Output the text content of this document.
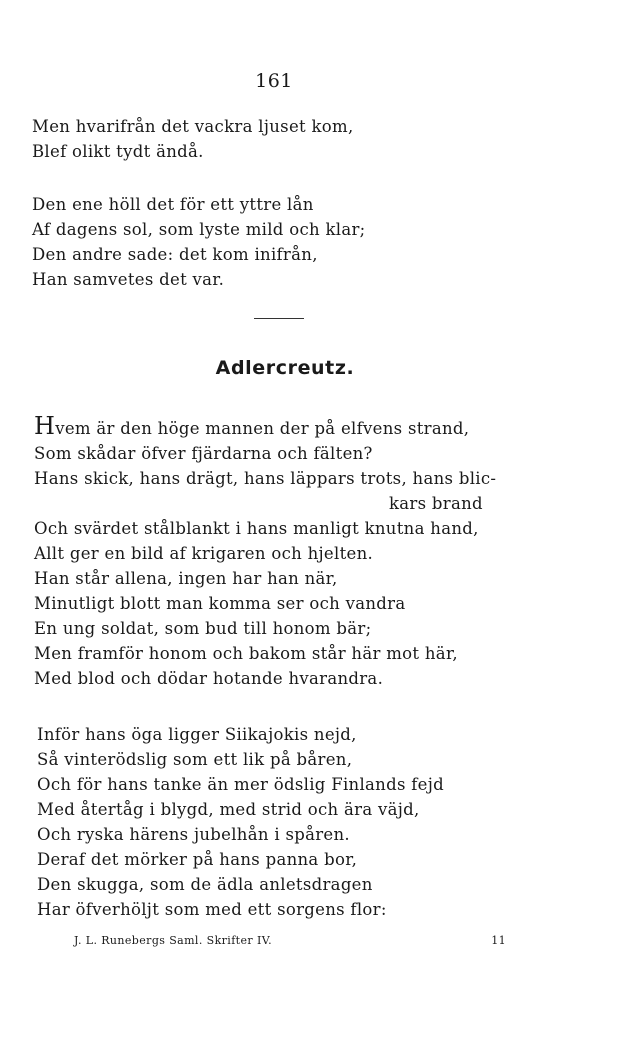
161
Men hvarifrån det vackra ljuset kom,
Blef olikt tydt ändå.
Den ene höll det för ett yttre lån
Af dagens sol, som lyste mild och klar;
Den andre sade: det kom inifrån,
Han samvetes det var.
Adlercreutz.
Hvem är den höge mannen der på elfvens strand,
Som skådar öfver fjärdarna och fälten?
Hans skick, hans drägt, hans läppars trots, hans blic-
kars brand
Och svärdet stålblankt i hans manligt knutna hand,
Allt ger en bild af krigaren och hjelten.
Han står allena, ingen har han när,
Minutligt blott man komma ser och vandra
En ung soldat, som bud till honom bär;
Men framför honom och bakom står här mot här,
Med blod och dödar hotande hvarandra.
Inför hans öga ligger Siikajokis nejd,
Så vinterödslig som ett lik på båren,
Och för hans tanke än mer ödslig Finlands fejd
Med återtåg i blygd, med strid och ära väjd,
Och ryska härens jubelhån i spåren.
Deraf det mörker på hans panna bor,
Den skugga, som de ädla anletsdragen
Har öfverhöljt som med ett sorgens flor:
J. L. Runebergs Saml. Skrifter IV.	11
